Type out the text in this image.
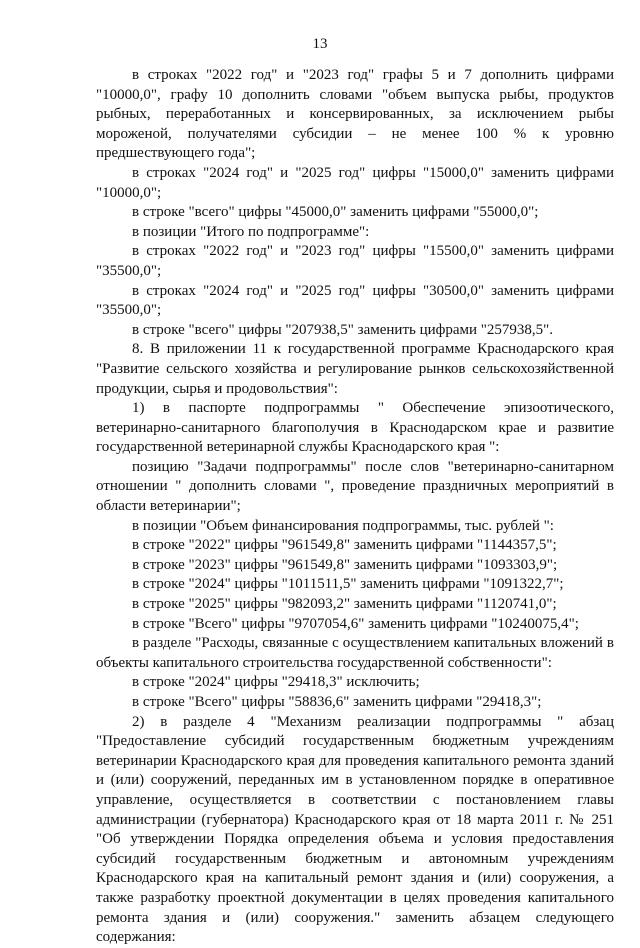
13

в строках "2022 год" и "2023 год" графы 5 и 7 дополнить цифрами "10000,0", графу 10 дополнить словами "объем выпуска рыбы, продуктов рыбных, переработанных и консервированных, за исключением рыбы мороженой, получателями субсидии – не менее 100 % к уровню предшествующего года";

в строках "2024 год" и "2025 год" цифры "15000,0" заменить цифрами "10000,0";

в строке "всего" цифры "45000,0" заменить цифрами "55000,0";

в позиции "Итого по подпрограмме":

в строках "2022 год" и "2023 год" цифры "15500,0" заменить цифрами "35500,0";

в строках "2024 год" и "2025 год" цифры "30500,0" заменить цифрами "35500,0";

в строке "всего" цифры "207938,5" заменить цифрами "257938,5".

8. В приложении 11 к государственной программе Краснодарского края "Развитие сельского хозяйства и регулирование рынков сельскохозяйственной продукции, сырья и продовольствия":

1) в паспорте подпрограммы " Обеспечение эпизоотического, ветеринарно-санитарного благополучия в Краснодарском крае и развитие государственной ветеринарной службы Краснодарского края ":

позицию "Задачи подпрограммы" после слов "ветеринарно-санитарном отношении " дополнить словами ", проведение праздничных мероприятий в области ветеринарии";

в позиции "Объем финансирования подпрограммы, тыс. рублей ":

в строке "2022" цифры "961549,8" заменить цифрами "1144357,5";

в строке "2023" цифры "961549,8" заменить цифрами "1093303,9";

в строке "2024" цифры "1011511,5" заменить цифрами "1091322,7";

в строке "2025" цифры "982093,2" заменить цифрами "1120741,0";

в строке "Всего" цифры "9707054,6" заменить цифрами "10240075,4";

в разделе "Расходы, связанные с осуществлением капитальных вложений в объекты капитального строительства государственной собственности":

в строке "2024" цифры "29418,3" исключить;

в строке "Всего" цифры "58836,6" заменить цифрами "29418,3";

2) в разделе 4 "Механизм реализации подпрограммы " абзац "Предоставление субсидий государственным бюджетным учреждениям ветеринарии Краснодарского края для проведения капитального ремонта зданий и (или) сооружений, переданных им в установленном порядке в оперативное управление, осуществляется в соответствии с постановлением главы администрации (губернатора) Краснодарского края от 18 марта 2011 г. № 251 "Об утверждении Порядка определения объема и условия предоставления субсидий государственным бюджетным и автономным учреждениям Краснодарского края на капитальный ремонт здания и (или) сооружения, а также разработку проектной документации в целях проведения капитального ремонта здания и (или) сооружения." заменить абзацем следующего содержания:
